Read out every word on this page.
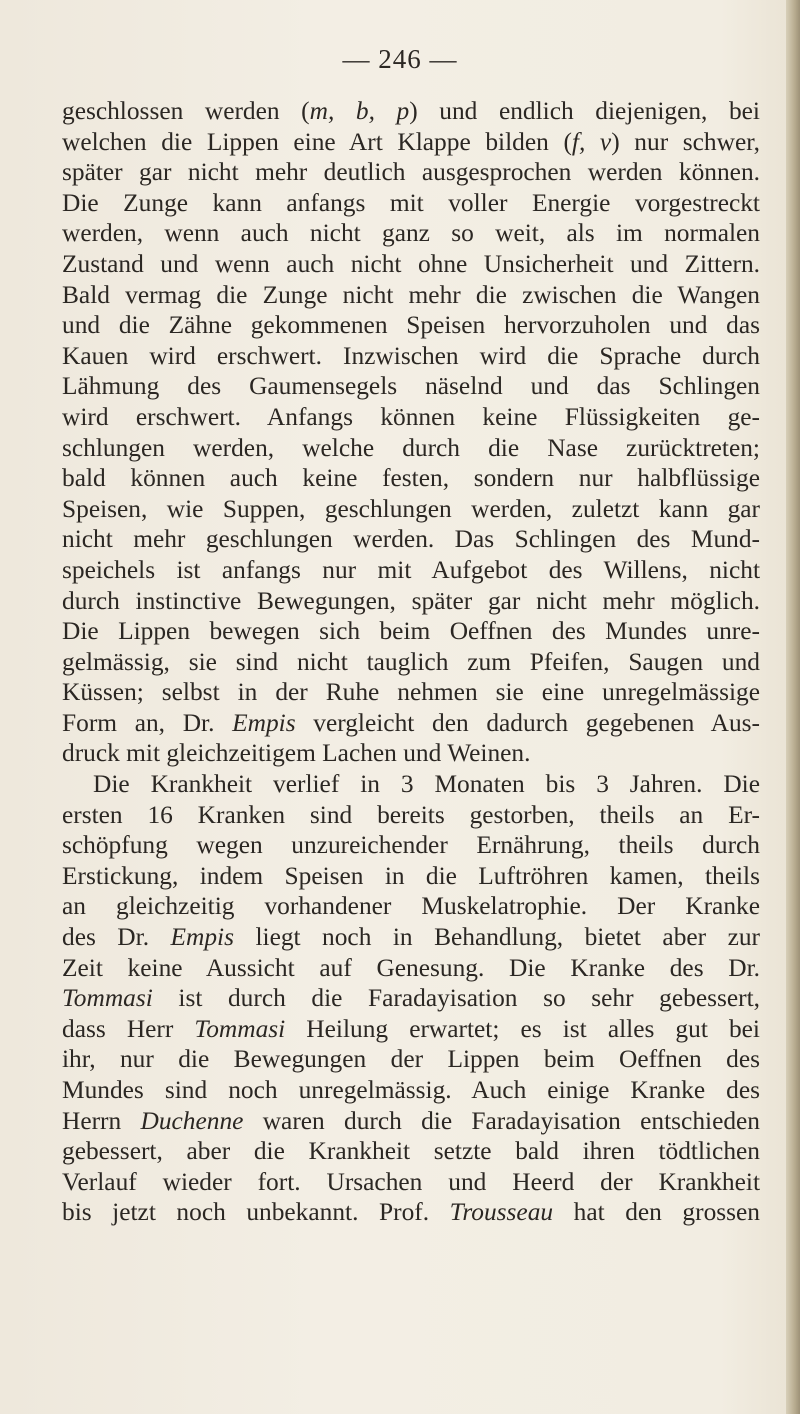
— 246 —
geschlossen werden (m, b, p) und endlich diejenigen, bei
welchen die Lippen eine Art Klappe bilden (f, v) nur schwer,
später gar nicht mehr deutlich ausgesprochen werden können.
Die Zunge kann anfangs mit voller Energie vorgestreckt
werden, wenn auch nicht ganz so weit, als im normalen
Zustand und wenn auch nicht ohne Unsicherheit und Zittern.
Bald vermag die Zunge nicht mehr die zwischen die Wangen
und die Zähne gekommenen Speisen hervorzuholen und das
Kauen wird erschwert. Inzwischen wird die Sprache durch
Lähmung des Gaumensegels näselnd und das Schlingen
wird erschwert. Anfangs können keine Flüssigkeiten ge-
schlungen werden, welche durch die Nase zurücktreten;
bald können auch keine festen, sondern nur halbflüssige
Speisen, wie Suppen, geschlungen werden, zuletzt kann gar
nicht mehr geschlungen werden. Das Schlingen des Mund-
speichels ist anfangs nur mit Aufgebot des Willens, nicht
durch instinctive Bewegungen, später gar nicht mehr möglich.
Die Lippen bewegen sich beim Oeffnen des Mundes unre-
gelmässig, sie sind nicht tauglich zum Pfeifen, Saugen und
Küssen; selbst in der Ruhe nehmen sie eine unregelmässige
Form an, Dr. Empis vergleicht den dadurch gegebenen Aus-
druck mit gleichzeitigem Lachen und Weinen.
Die Krankheit verlief in 3 Monaten bis 3 Jahren. Die
ersten 16 Kranken sind bereits gestorben, theils an Er-
schöpfung wegen unzureichender Ernährung, theils durch
Erstickung, indem Speisen in die Luftröhren kamen, theils
an gleichzeitig vorhandener Muskelatrophie. Der Kranke
des Dr. Empis liegt noch in Behandlung, bietet aber zur
Zeit keine Aussicht auf Genesung. Die Kranke des Dr.
Tommasi ist durch die Faradayisation so sehr gebessert,
dass Herr Tommasi Heilung erwartet; es ist alles gut bei
ihr, nur die Bewegungen der Lippen beim Oeffnen des
Mundes sind noch unregelmässig. Auch einige Kranke des
Herrn Duchenne waren durch die Faradayisation entschieden
gebessert, aber die Krankheit setzte bald ihren tödtlichen
Verlauf wieder fort. Ursachen und Heerd der Krankheit
bis jetzt noch unbekannt. Prof. Trousseau hat den grossen
